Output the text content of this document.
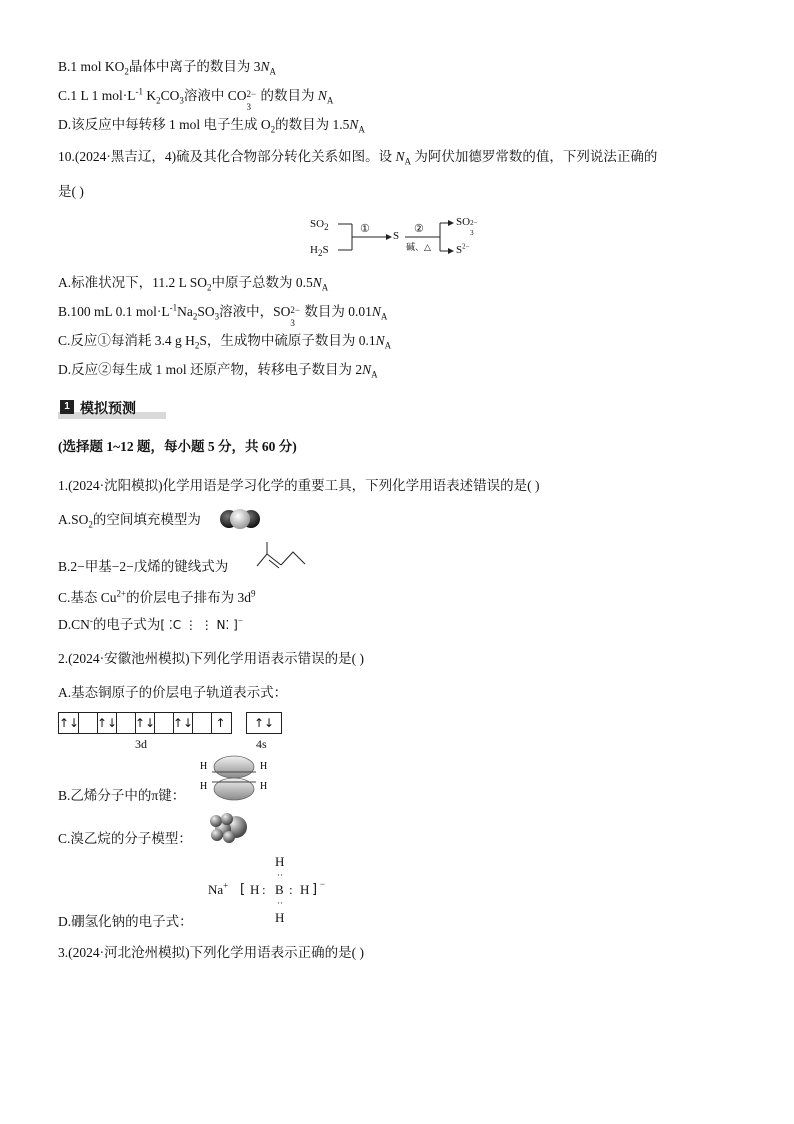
B.1 mol $KO_2$晶体中离子的数目为 $3N_A$
C.1 L 1 $mol\cdot L^{-1}$ $K_2CO_3$溶液中 CO 2−
3
的数目为 $N_A$
D.该反应中每转移 1 mol 电子生成 $O_2$的数目为 $1.5N_A$
10.(2024·黑吉辽，4)硫及其化合物部分转化关系如图。设 $N_A$ 为阿伏加德罗常数的值，下列说法正确的
是( )
$SO_2$
$H_2S$
①
S
②
碱、△
SO 2−
3
$S^{2-}$
A.标准状况下，11.2 L $SO_2$中原子总数为 $0.5N_A$
B.100 mL 0.1 $mol\cdot L^{-1}Na_2SO_3$溶液中，SO 2−
3
数目为 $0.01N_A$
C.反应①每消耗 3.4 g $H_2S$，生成物中硫原子数目为 $0.1N_A$
D.反应②每生成 1 mol 还原产物，转移电子数目为 $2N_A$
1 模拟预测
(选择题 1~12 题，每小题 5 分，共 60 分)
1.(2024·沈阳模拟)化学用语是学习化学的重要工具，下列化学用语表述错误的是( )
$A.SO_2$的空间填充模型为
B.2−甲基−2−戊烯的键线式为
C.基态 $Cu^{2+}$的价层电子排布为 $3d^9$
D.CN-的电子式为[ ⁚C ⋮ ⋮ N⁚ ]−
2.(2024·安徽池州模拟)下列化学用语表示错误的是( )
A.基态铜原子的价层电子轨道表示式：
↑↓ ↑↓ ↑↓ ↑↓	↑	↑↓
3d	4s
B.乙烯分子中的π键：
H
H
H
H
C.溴乙烷的分子模型：
H
··
Na+ [ H : B : H ] −
··
H
D.硼氢化钠的电子式：
3.(2024·河北沧州模拟)下列化学用语表示正确的是( )
